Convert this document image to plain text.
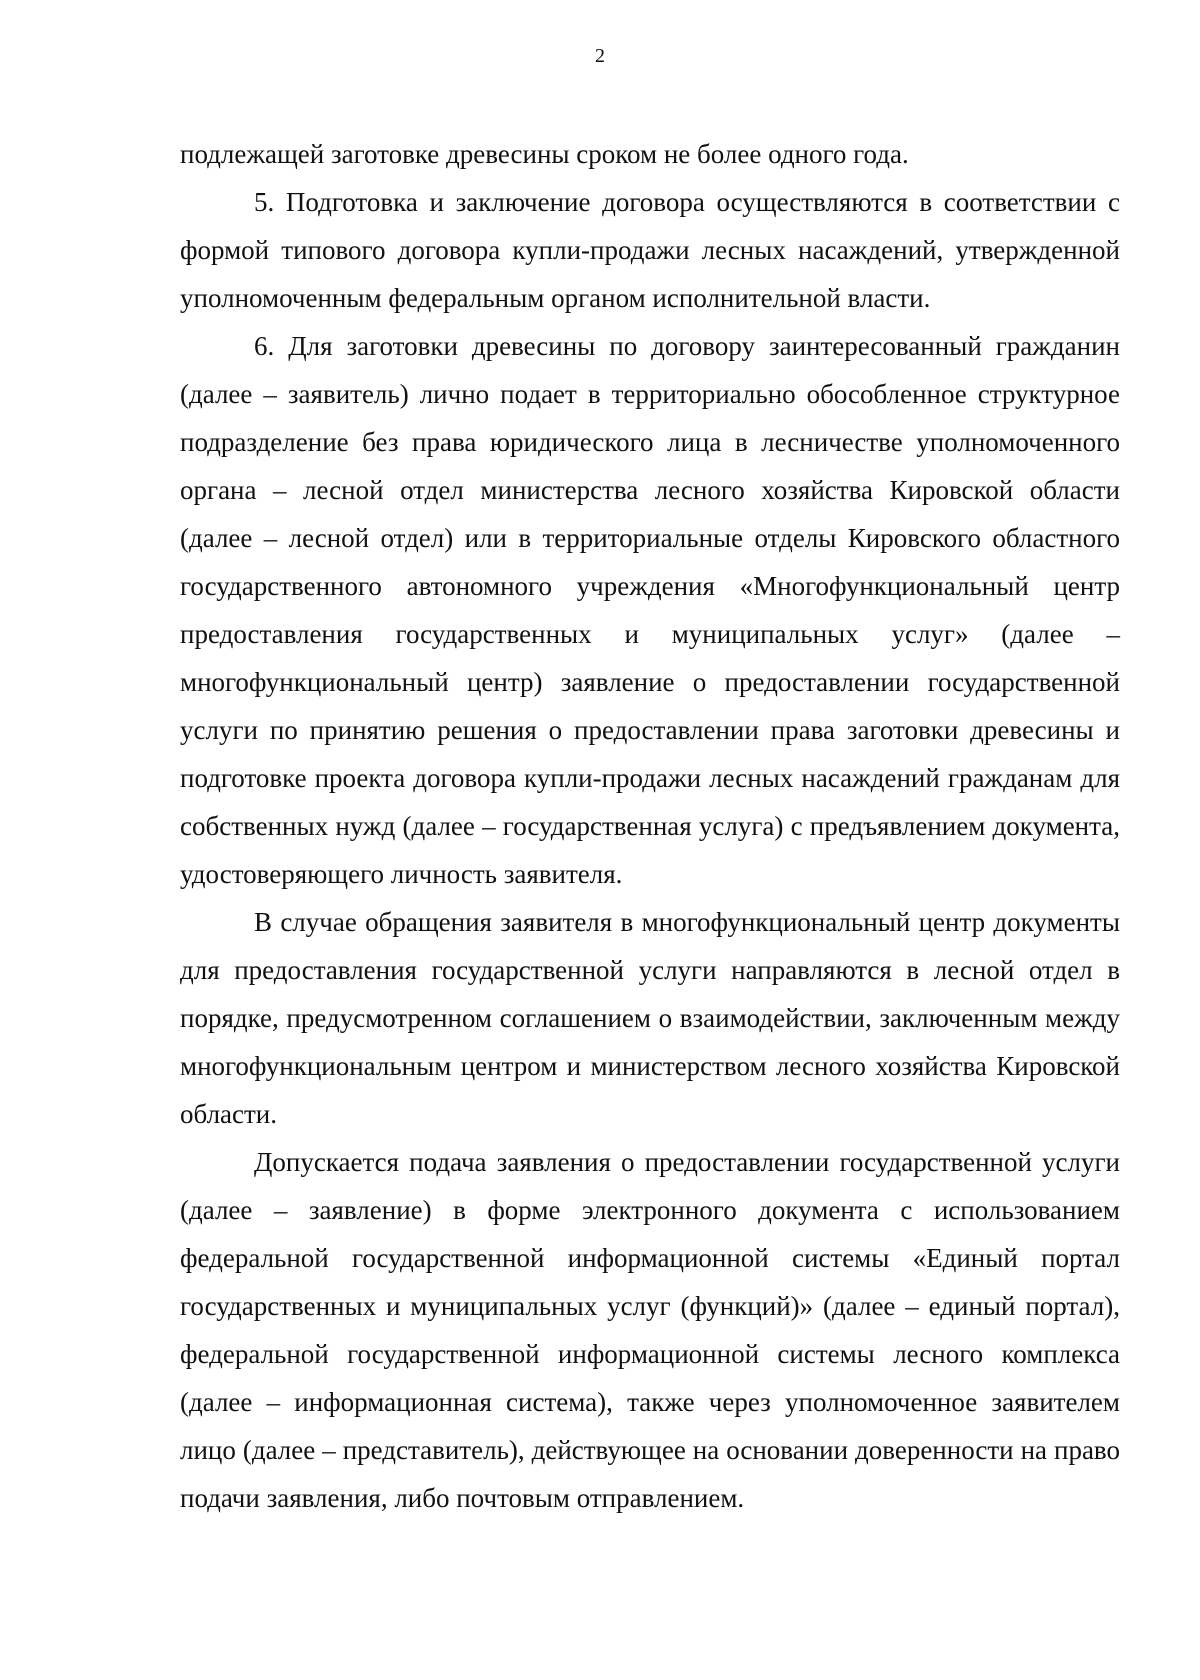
2

подлежащей заготовке древесины сроком не более одного года.

5. Подготовка и заключение договора осуществляются в соответствии с формой типового договора купли-продажи лесных насаждений, утвержденной уполномоченным федеральным органом исполнительной власти.

6. Для заготовки древесины по договору заинтересованный гражданин (далее – заявитель) лично подает в территориально обособленное структурное подразделение без права юридического лица в лесничестве уполномоченного органа – лесной отдел министерства лесного хозяйства Кировской области (далее – лесной отдел) или в территориальные отделы Кировского областного государственного автономного учреждения «Многофункциональный центр предоставления государственных и муниципальных услуг» (далее – многофункциональный центр) заявление о предоставлении государственной услуги по принятию решения о предоставлении права заготовки древесины и подготовке проекта договора купли-продажи лесных насаждений гражданам для собственных нужд (далее – государственная услуга) с предъявлением документа, удостоверяющего личность заявителя.

В случае обращения заявителя в многофункциональный центр документы для предоставления государственной услуги направляются в лесной отдел в порядке, предусмотренном соглашением о взаимодействии, заключенным между многофункциональным центром и министерством лесного хозяйства Кировской области.

Допускается подача заявления о предоставлении государственной услуги (далее – заявление) в форме электронного документа с использованием федеральной государственной информационной системы «Единый портал государственных и муниципальных услуг (функций)» (далее – единый портал), федеральной государственной информационной системы лесного комплекса (далее – информационная система), также через уполномоченное заявителем лицо (далее – представитель), действующее на основании доверенности на право подачи заявления, либо почтовым отправлением.
